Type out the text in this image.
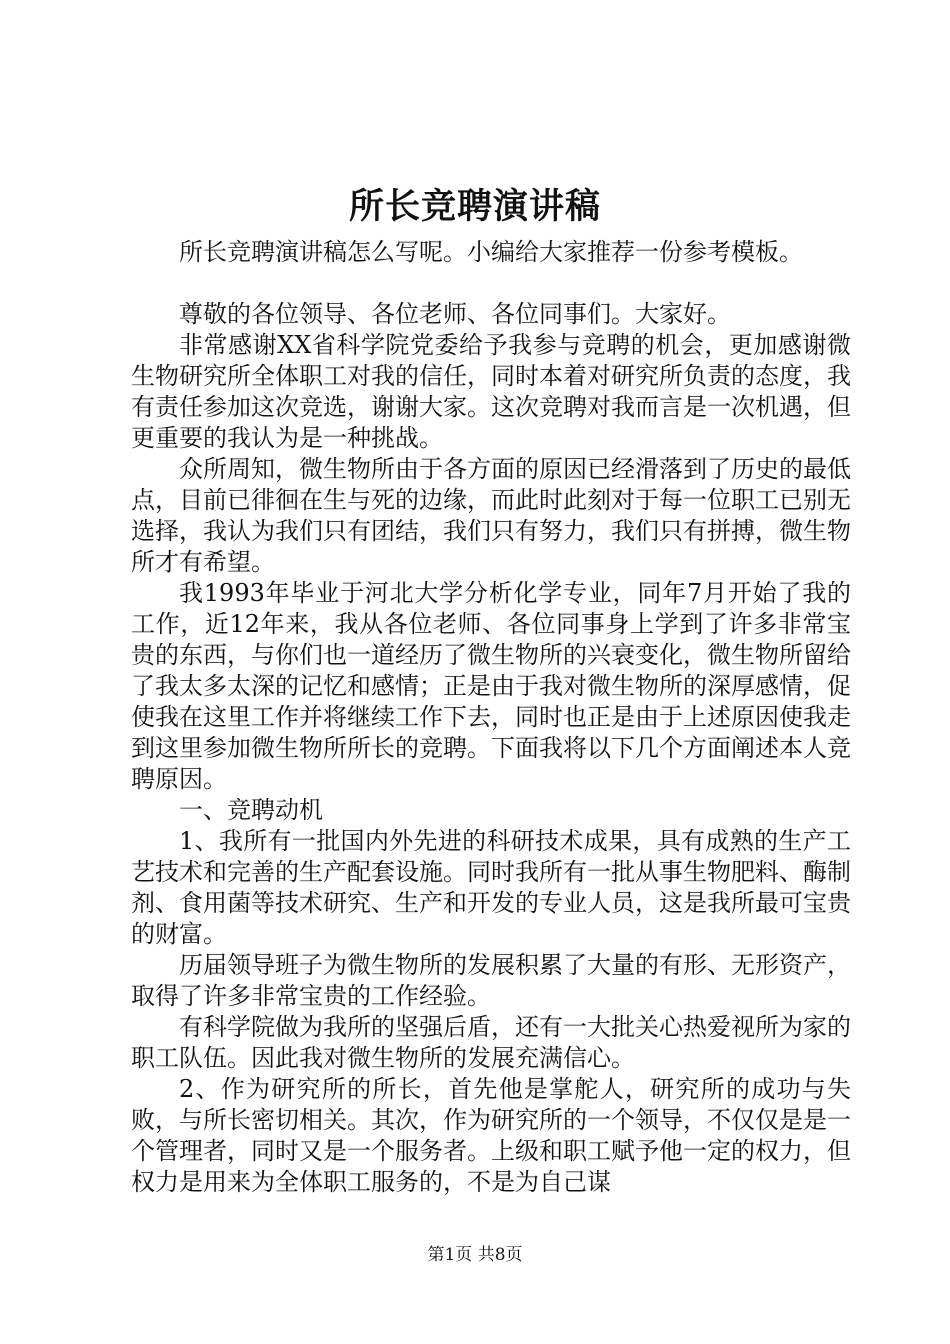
所长竞聘演讲稿

所长竞聘演讲稿怎么写呢。小编给大家推荐一份参考模板。

尊敬的各位领导、各位老师、各位同事们。大家好。

非常感谢XX省科学院党委给予我参与竞聘的机会，更加感谢微生物研究所全体职工对我的信任，同时本着对研究所负责的态度，我有责任参加这次竞选，谢谢大家。这次竞聘对我而言是一次机遇，但更重要的我认为是一种挑战。

众所周知，微生物所由于各方面的原因已经滑落到了历史的最低点，目前已徘徊在生与死的边缘，而此时此刻对于每一位职工已别无选择，我认为我们只有团结，我们只有努力，我们只有拼搏，微生物所才有希望。

我1993年毕业于河北大学分析化学专业，同年7月开始了我的工作，近12年来，我从各位老师、各位同事身上学到了许多非常宝贵的东西，与你们也一道经历了微生物所的兴衰变化，微生物所留给了我太多太深的记忆和感情；正是由于我对微生物所的深厚感情，促使我在这里工作并将继续工作下去，同时也正是由于上述原因使我走到这里参加微生物所所长的竞聘。下面我将以下几个方面阐述本人竞聘原因。

一、竞聘动机

1、我所有一批国内外先进的科研技术成果，具有成熟的生产工艺技术和完善的生产配套设施。同时我所有一批从事生物肥料、酶制剂、食用菌等技术研究、生产和开发的专业人员，这是我所最可宝贵的财富。

历届领导班子为微生物所的发展积累了大量的有形、无形资产，取得了许多非常宝贵的工作经验。

有科学院做为我所的坚强后盾，还有一大批关心热爱视所为家的职工队伍。因此我对微生物所的发展充满信心。

2、作为研究所的所长，首先他是掌舵人，研究所的成功与失败，与所长密切相关。其次，作为研究所的一个领导，不仅仅是是一个管理者，同时又是一个服务者。上级和职工赋予他一定的权力，但权力是用来为全体职工服务的，不是为自己谋

第1页 共8页
